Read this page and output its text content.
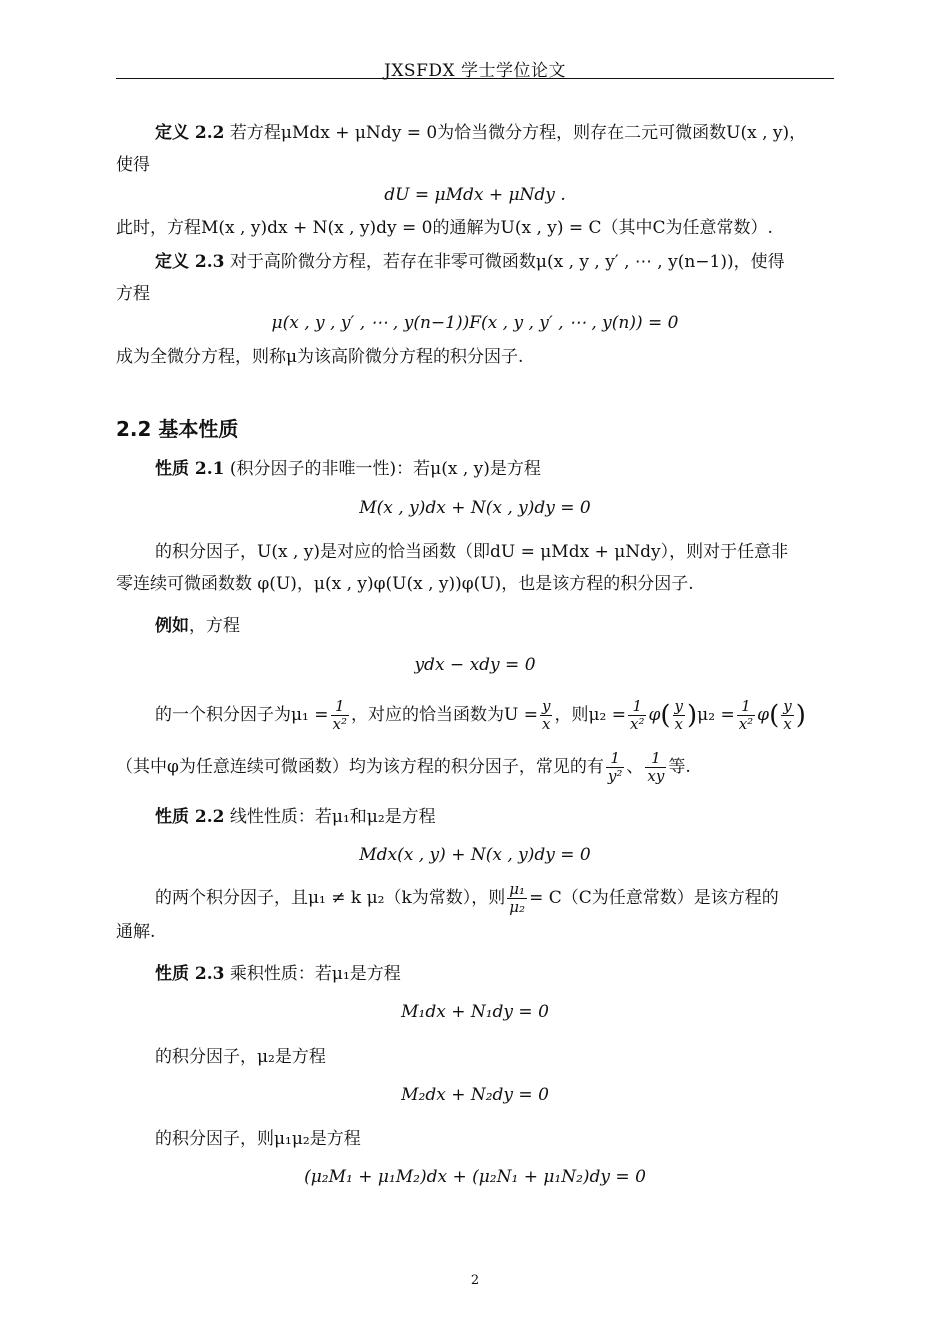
JXSFDX 学士学位论文
定义 2.2 若方程μMdx + μNdy = 0为恰当微分方程，则存在二元可微函数U(x , y)，
使得
dU = μMdx + μNdy .
此时，方程M(x , y)dx + N(x , y)dy = 0的通解为U(x , y) = C（其中C为任意常数）.
定义 2.3 对于高阶微分方程，若存在非零可微函数μ(x , y , y′ , ⋯ , y(n−1))，使得
方程
μ(x , y , y′ , ⋯ , y(n−1))F(x , y , y′ , ⋯ , y(n)) = 0
成为全微分方程，则称μ为该高阶微分方程的积分因子.
2.2 基本性质
性质 2.1 (积分因子的非唯一性)：若μ(x , y)是方程
M(x , y)dx + N(x , y)dy = 0
的积分因子，U(x , y)是对应的恰当函数（即dU = μMdx + μNdy），则对于任意非
零连续可微函数数 φ(U)，μ(x , y)φ(U(x , y))φ(U)，也是该方程的积分因子.
例如，方程
ydx − xdy = 0
的一个积分因子为$\mu_1 = \frac{1}{\text{x²}}$ ，对应的恰当函数为$U = \frac{y}{x}$ ，则$\mu_2 = \frac{1}{\text{x²}} \varphi( \frac{y}{x} )\mu_2 = \frac{1}{\text{x²}} \varphi( \frac{y}{x}$ )
（其中φ为任意连续可微函数）均为该方程的积分因子，常见的有 $\frac{1}{\text{y²}}$ 、 $\frac{1}{xy}$ 等.
性质 2.2 线性性质：若μ₁和μ₂是方程
Mdx(x , y) + N(x , y)dy = 0
的两个积分因子，且μ₁ ≠ k μ₂（k为常数），则 $\frac{\text{μ₁}}{\text{μ₂}} = C(C$为任意常数）是该方程的
通解.
性质 2.3 乘积性质：若μ₁是方程
M₁dx + N₁dy = 0
的积分因子，μ₂是方程
M₂dx + N₂dy = 0
的积分因子，则μ₁μ₂是方程
(μ₂M₁ + μ₁M₂)dx + (μ₂N₁ + μ₁N₂)dy = 0
2
